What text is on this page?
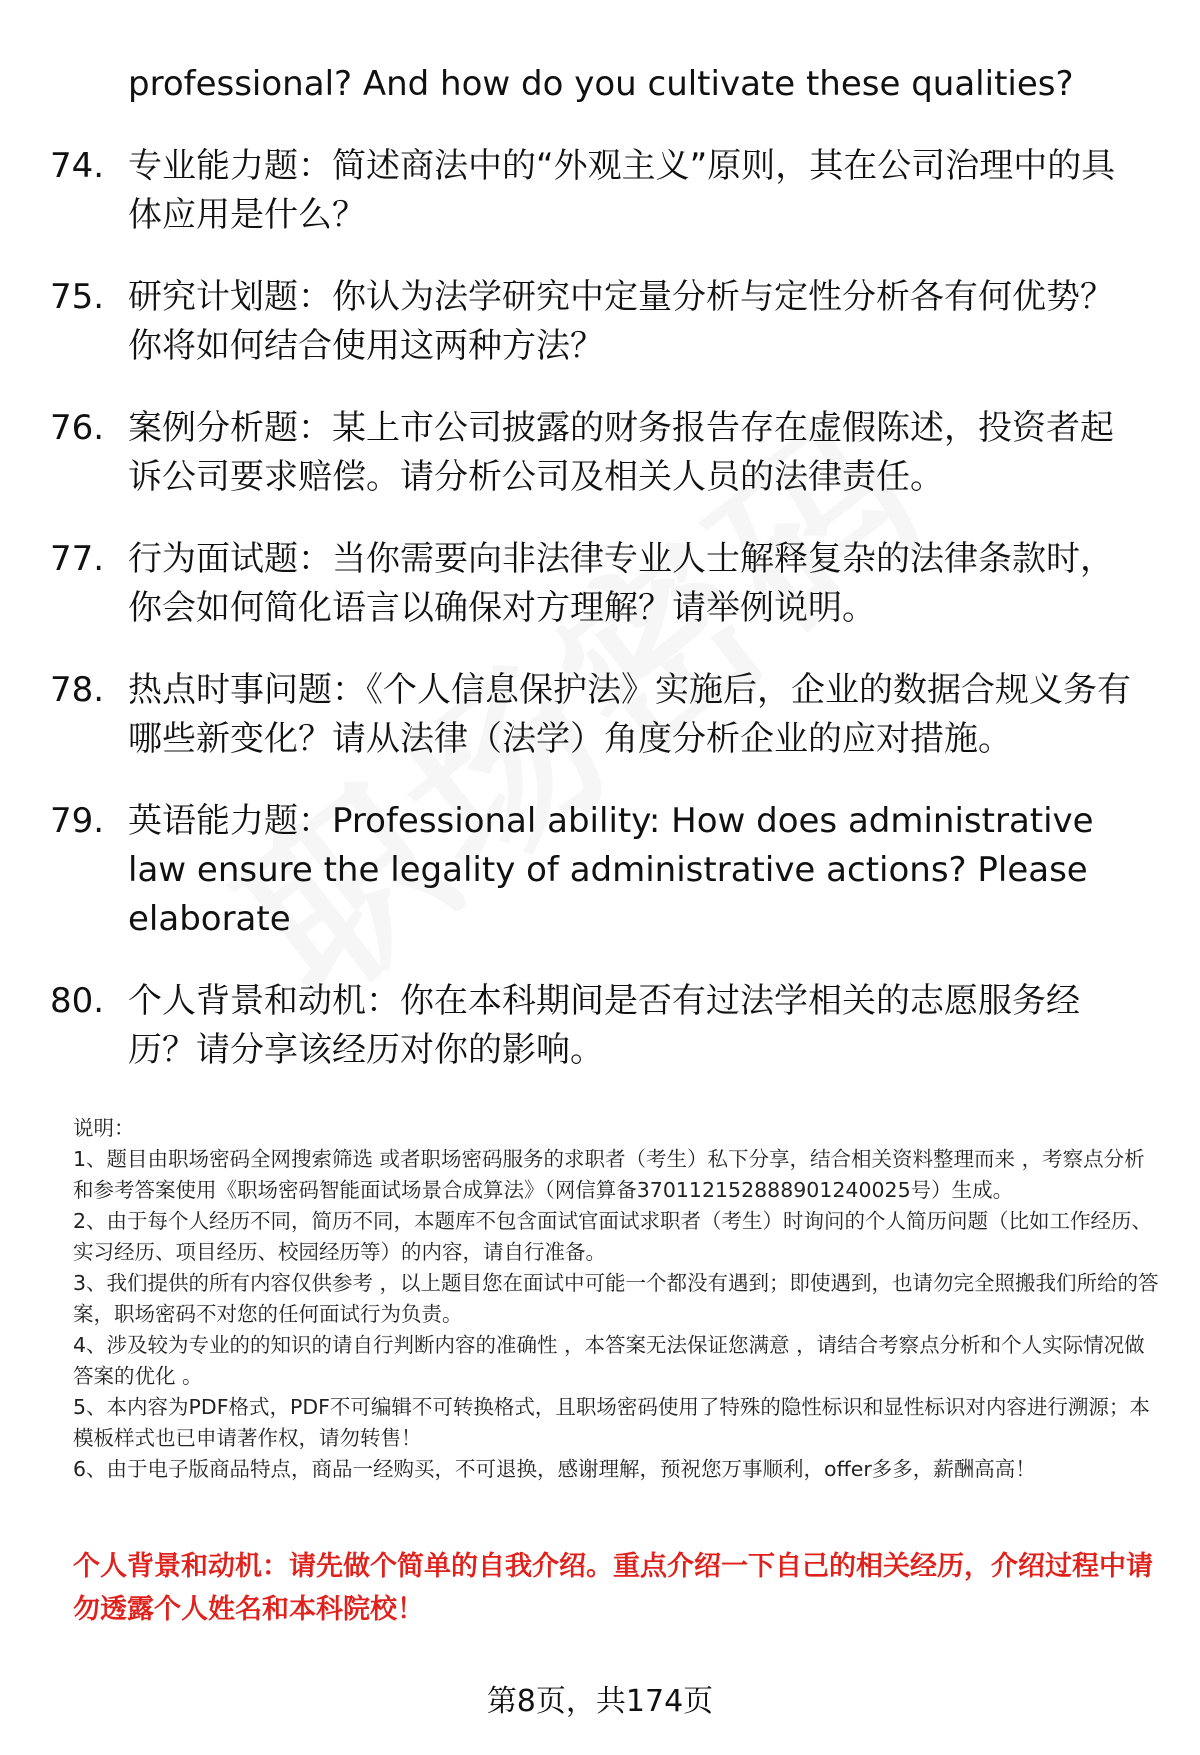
professional? And how do you cultivate these qualities?
74. 专业能力题：简述商法中的“外观主义”原则，其在公司治理中的具体应用是什么？
75. 研究计划题：你认为法学研究中定量分析与定性分析各有何优势？你将如何结合使用这两种方法？
76. 案例分析题：某上市公司披露的财务报告存在虚假陈述，投资者起诉公司要求赔偿。请分析公司及相关人员的法律责任。
77. 行为面试题：当你需要向非法律专业人士解释复杂的法律条款时，你会如何简化语言以确保对方理解？请举例说明。
78. 热点时事问题：《个人信息保护法》实施后，企业的数据合规义务有哪些新变化？请从法律（法学）角度分析企业的应对措施。
79. 英语能力题：Professional ability: How does administrative law ensure the legality of administrative actions? Please elaborate
80. 个人背景和动机：你在本科期间是否有过法学相关的志愿服务经历？请分享该经历对你的影响。

说明：

1、题目由职场密码全网搜索筛选 或者职场密码服务的求职者（考生）私下分享，结合相关资料整理而来 ，考察点分析和参考答案使用《职场密码智能面试场景合成算法》（网信算备370112152888901240025号）生成。

2、由于每个人经历不同，简历不同，本题库不包含面试官面试求职者（考生）时询问的个人简历问题（比如工作经历、实习经历、项目经历、校园经历等）的内容，请自行准备。

3、我们提供的所有内容仅供参考 ，以上题目您在面试中可能一个都没有遇到；即使遇到，也请勿完全照搬我们所给的答案，职场密码不对您的任何面试行为负责。

4、涉及较为专业的的知识的请自行判断内容的准确性 ，本答案无法保证您满意 ，请结合考察点分析和个人实际情况做答案的优化 。

5、本内容为PDF格式，PDF不可编辑不可转换格式，且职场密码使用了特殊的隐性标识和显性标识对内容进行溯源；本模板样式也已申请著作权，请勿转售！

6、由于电子版商品特点，商品一经购买，不可退换，感谢理解，预祝您万事顺利，offer多多，薪酬高高！

个人背景和动机：请先做个简单的自我介绍。重点介绍一下自己的相关经历，介绍过程中请勿透露个人姓名和本科院校！
第8页，共174页
